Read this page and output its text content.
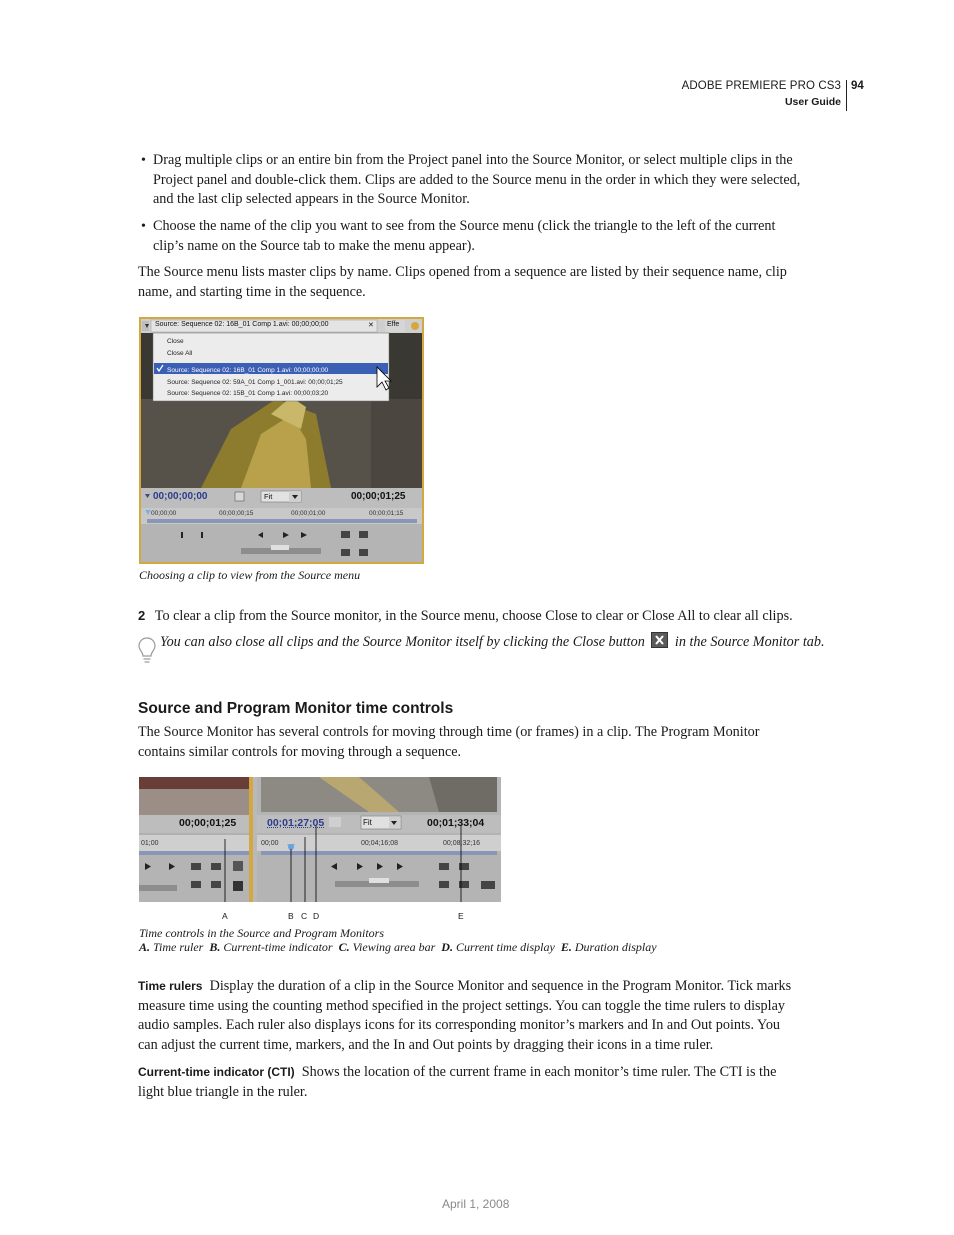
ADOBE PREMIERE PRO CS3
User Guide
94
• Drag multiple clips or an entire bin from the Project panel into the Source Monitor, or select multiple clips in the
Project panel and double-click them. Clips are added to the Source menu in the order in which they were selected,
and the last clip selected appears in the Source Monitor.
• Choose the name of the clip you want to see from the Source menu (click the triangle to the left of the current
clip’s name on the Source tab to make the menu appear).
The Source menu lists master clips by name. Clips opened from a sequence are listed by their sequence name, clip
name, and starting time in the sequence.
Source: Sequence 02: 16B_01 Comp 1.avi: 00;00;00;00	✕ Effe
Close
Close All
Source: Sequence 02: 16B_01 Comp 1.avi: 00;00;00;00
Source: Sequence 02: 59A_01 Comp 1_001.avi: 00;00;01;25
Source: Sequence 02: 15B_01 Comp 1.avi: 00;00;03;20
00;00;00;00	Fit	00;00;01;25
00;00;00	00;00;00;15	00;00;01;00	00;00;01;15
Choosing a clip to view from the Source menu
2 To clear a clip from the Source monitor, in the Source menu, choose Close to clear or Close All to clear all clips.
You can also close all clips and the Source Monitor itself by clicking the Close button in the Source Monitor tab.
Source and Program Monitor time controls
The Source Monitor has several controls for moving through time (or frames) in a clip. The Program Monitor
contains similar controls for moving through a sequence.
00;00;01;25
01;00
00;01;27;05	Fit	00;01;33;04
00;00	00;04;16;08	00;08;32;16
A	B C D	E
Time controls in the Source and Program Monitors
A. Time ruler B. Current-time indicator C. Viewing area bar D. Current time display E. Duration display
Time rulers Display the duration of a clip in the Source Monitor and sequence in the Program Monitor. Tick marks
measure time using the counting method specified in the project settings. You can toggle the time rulers to display
audio samples. Each ruler also displays icons for its corresponding monitor’s markers and In and Out points. You
can adjust the current time, markers, and the In and Out points by dragging their icons in a time ruler.
Current-time indicator (CTI) Shows the location of the current frame in each monitor’s time ruler. The CTI is the
light blue triangle in the ruler.
April 1, 2008
